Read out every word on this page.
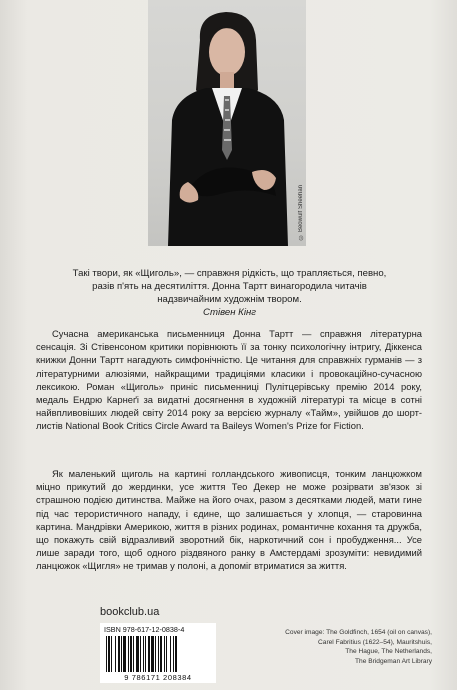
© Beowulf Sheehan
Такі твори, як «Щиголь», — справжня рідкість, що трапляється, певно,
разів п'ять на десятиліття. Донна Тартт винагородила читачів
надзвичайним художнім твором.
Стівен Кінг

Сучасна американська письменниця Донна Тартт — справжня літературна сенсація. Зі Стівенсоном критики порівнюють її за тонку психологічну інтригу, Діккенса книжки Донни Тартт нагадують симфонічністю. Це читання для справжніх гурманів — з літературними алюзіями, найкращими традиціями класики і провокаційно-сучасною лексикою. Роман «Щиголь» приніс письменниці Пулітцерівську премію 2014 року, медаль Ендрю Карнеґі за видатні досягнення в художній літературі та місце в сотні найвпливовіших людей світу 2014 року за версією журналу «Тайм», увійшов до шорт-листів National Book Critics Circle Award та Baileys Women's Prize for Fiction.

Як маленький щиголь на картині голландського живописця, тонким ланцюжком міцно прикутий до жердинки, усе життя Тео Декер не може розірвати зв'язок зі страшною подією дитинства. Майже на його очах, разом з десятками людей, мати гине під час терористичного нападу, і єдине, що залишається у хлопця, — старовинна картина. Мандрівки Америкою, життя в різних родинах, романтичне кохання та дружба, що покажуть свій відразливий зворотний бік, наркотичний сон і пробудження... Усе лише заради того, щоб одного різдвяного ранку в Амстердамі зрозуміти: невидимий ланцюжок «Щигля» не тримав у полоні, а допоміг втриматися за життя.

bookclub.ua
ISBN 978-617-12-0838-4
9 786171 208384
Cover image: The Goldfinch, 1654 (oil on canvas),
Carel Fabritius (1622–54), Mauritshuis,
The Hague, The Netherlands,
The Bridgeman Art Library
